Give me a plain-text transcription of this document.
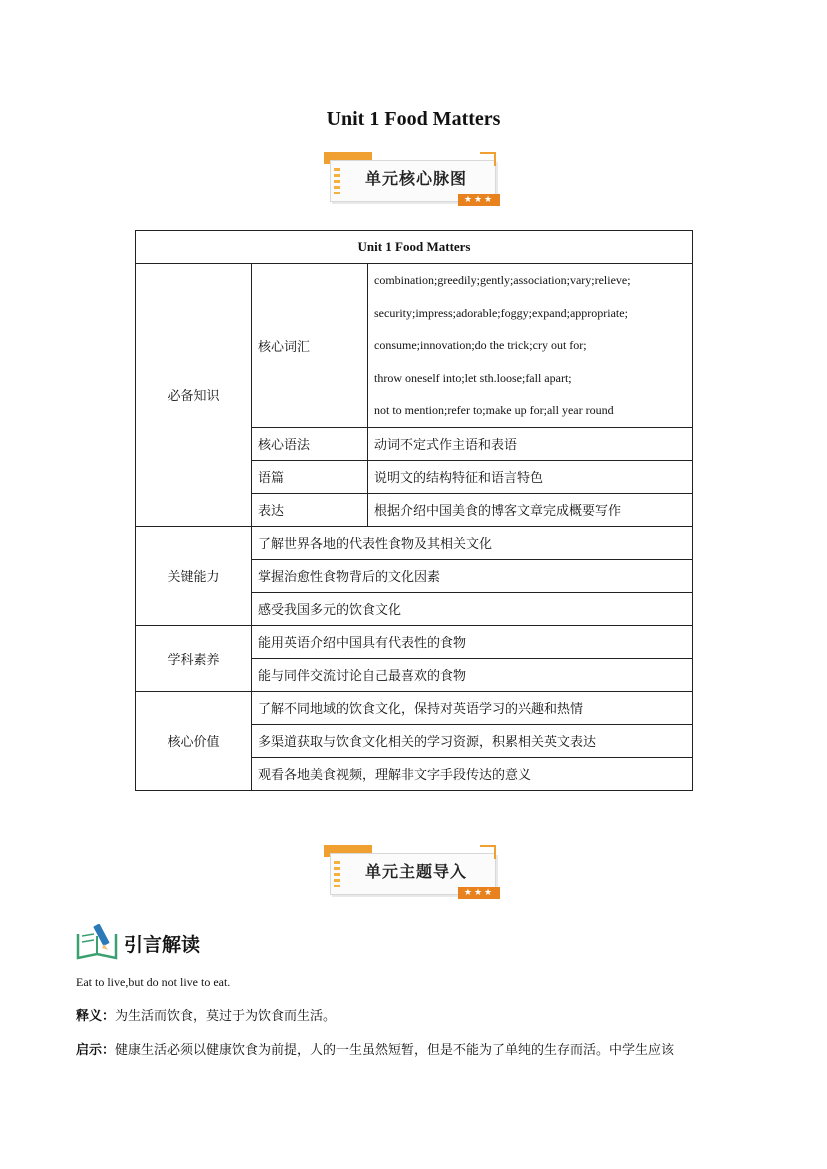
Unit 1 Food Matters
单元核心脉图
★★★
Unit 1 Food Matters		
必备知识	核心词汇	combination;greedily;gently;association;vary;relieve;
security;impress;adorable;foggy;expand;appropriate;
consume;innovation;do the trick;cry out for;
throw oneself into;let sth.loose;fall apart;
not to mention;refer to;make up for;all year round

	核心语法	动词不定式作主语和表语
	语篇	说明文的结构特征和语言特色
	表达	根据介绍中国美食的博客文章完成概要写作
关键能力	了解世界各地的代表性食物及其相关文化	
	掌握治愈性食物背后的文化因素	
	感受我国多元的饮食文化	
学科素养	能用英语介绍中国具有代表性的食物	
	能与同伴交流讨论自己最喜欢的食物	
核心价值	了解不同地域的饮食文化，保持对英语学习的兴趣和热情	
	多渠道获取与饮食文化相关的学习资源，积累相关英文表达	
	观看各地美食视频，理解非文字手段传达的意义	
单元主题导入
★★★
引言解读
Eat to live,but do not live to eat.
释义：为生活而饮食，莫过于为饮食而生活。
启示：健康生活必须以健康饮食为前提，人的一生虽然短暂，但是不能为了单纯的生存而活。中学生应该
